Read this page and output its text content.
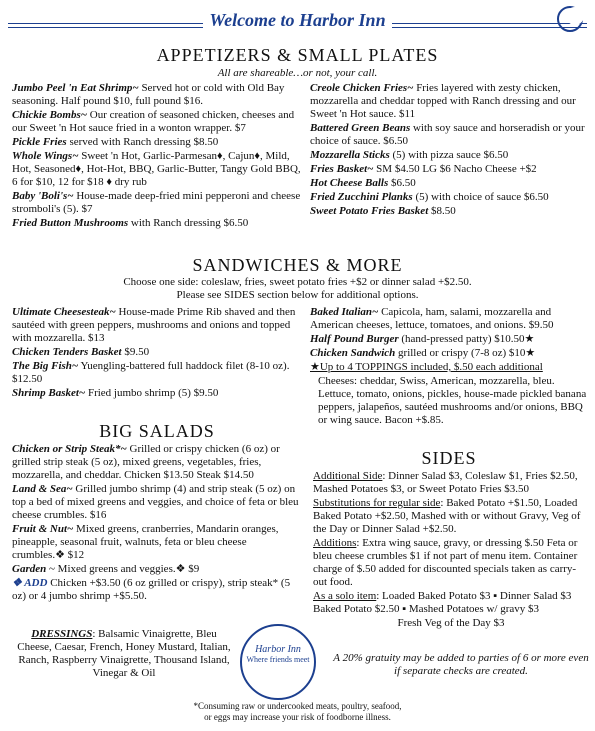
Welcome to Harbor Inn
APPETIZERS & SMALL PLATES
All are shareable…or not, your call.
Jumbo Peel 'n Eat Shrimp~ Served hot or cold with Old Bay seasoning. Half pound $10, full pound $16.
Chickie Bombs~ Our creation of seasoned chicken, cheeses and our Sweet 'n Hot sauce fried in a wonton wrapper. $7
Pickle Fries served with Ranch dressing $8.50
Whole Wings~ Sweet 'n Hot, Garlic-Parmesan♦, Cajun♦, Mild, Hot, Seasoned♦, Hot-Hot, BBQ, Garlic-Butter, Tangy Gold BBQ, 6 for $10, 12 for $18 ♦ dry rub
Baby 'Boli's~ House-made deep-fried mini pepperoni and cheese stromboli's (5). $7
Fried Button Mushrooms with Ranch dressing $6.50
Creole Chicken Fries~ Fries layered with zesty chicken, mozzarella and cheddar topped with Ranch dressing and our Sweet 'n Hot sauce. $11
Battered Green Beans with soy sauce and horseradish or your choice of sauce. $6.50
Mozzarella Sticks (5) with pizza sauce $6.50
Fries Basket~ SM $4.50 LG $6 Nacho Cheese +$2
Hot Cheese Balls $6.50
Fried Zucchini Planks (5) with choice of sauce $6.50
Sweet Potato Fries Basket $8.50
SANDWICHES & MORE
Choose one side: coleslaw, fries, sweet potato fries +$2 or dinner salad +$2.50.
Please see SIDES section below for additional options.
Ultimate Cheesesteak~ House-made Prime Rib shaved and then sautéed with green peppers, mushrooms and onions and topped with mozzarella. $13
Chicken Tenders Basket $9.50
The Big Fish~ Yuengling-battered full haddock filet (8-10 oz). $12.50
Shrimp Basket~ Fried jumbo shrimp (5) $9.50
Baked Italian~ Capicola, ham, salami, mozzarella and American cheeses, lettuce, tomatoes, and onions. $9.50
Half Pound Burger (hand-pressed patty) $10.50★
Chicken Sandwich grilled or crispy (7-8 oz) $10★
★Up to 4 TOPPINGS included, $.50 each additional
Cheeses: cheddar, Swiss, American, mozzarella, bleu. Lettuce, tomato, onions, pickles, house-made pickled banana peppers, jalapeños, sautéed mushrooms and/or onions, BBQ or wing sauce. Bacon +$.85.
BIG SALADS
Chicken or Strip Steak*~ Grilled or crispy chicken (6 oz) or grilled strip steak (5 oz), mixed greens, vegetables, fries, mozzarella, and cheddar. Chicken $13.50 Steak $14.50
Land & Sea~ Grilled jumbo shrimp (4) and strip steak (5 oz) on top a bed of mixed greens and veggies, and choice of feta or bleu cheese crumbles. $16
Fruit & Nut~ Mixed greens, cranberries, Mandarin oranges, pineapple, seasonal fruit, walnuts, feta or bleu cheese crumbles.❖ $12
Garden ~ Mixed greens and veggies.❖ $9
❖ ADD Chicken +$3.50 (6 oz grilled or crispy), strip steak* (5 oz) or 4 jumbo shrimp +$5.50.
DRESSINGS: Balsamic Vinaigrette, Bleu Cheese, Caesar, French, Honey Mustard, Italian, Ranch, Raspberry Vinaigrette, Thousand Island, Vinegar & Oil
SIDES
Additional Side: Dinner Salad $3, Coleslaw $1, Fries $2.50, Mashed Potatoes $3, or Sweet Potato Fries $3.50
Substitutions for regular side: Baked Potato +$1.50, Loaded Baked Potato +$2.50, Mashed with or without Gravy, Veg of the Day or Dinner Salad +$2.50.
Additions: Extra wing sauce, gravy, or dressing $.50 Feta or bleu cheese crumbles $1 if not part of menu item. Container charge of $.50 added for discounted specials taken as carry-out food.
As a solo item: Loaded Baked Potato $3 ▪ Dinner Salad $3 Baked Potato $2.50 ▪ Mashed Potatoes w/ gravy $3
Fresh Veg of the Day $3
Harbor Inn
Where friends meet	A 20% gratuity may be added to parties of 6 or more even if separate checks are created.
*Consuming raw or undercooked meats, poultry, seafood,
or eggs may increase your risk of foodborne illness.
